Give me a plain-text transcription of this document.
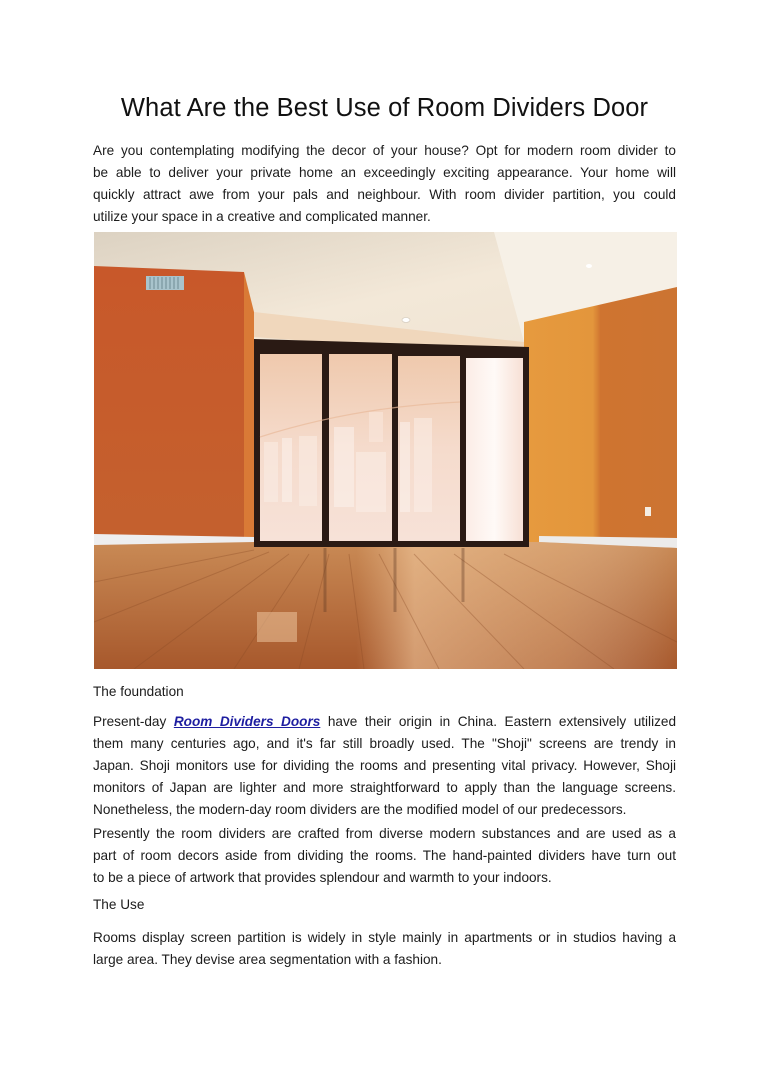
What Are the Best Use of Room Dividers Door

Are you contemplating modifying the decor of your house? Opt for modern room divider to
be able to deliver your private home an exceedingly exciting appearance. Your home will
quickly attract awe from your pals and neighbour. With room divider partition, you could
utilize your space in a creative and complicated manner.

The foundation

Present-day Room Dividers Doors have their origin in China. Eastern extensively utilized
them many centuries ago, and it's far still broadly used. The "Shoji" screens are trendy in
Japan. Shoji monitors use for dividing the rooms and presenting vital privacy. However, Shoji
monitors of Japan are lighter and more straightforward to apply than the language screens.
Nonetheless, the modern-day room dividers are the modified model of our predecessors.

Presently the room dividers are crafted from diverse modern substances and are used as a
part of room decors aside from dividing the rooms. The hand-painted dividers have turn out
to be a piece of artwork that provides splendour and warmth to your indoors.

The Use

Rooms display screen partition is widely in style mainly in apartments or in studios having a
large area. They devise area segmentation with a fashion.
